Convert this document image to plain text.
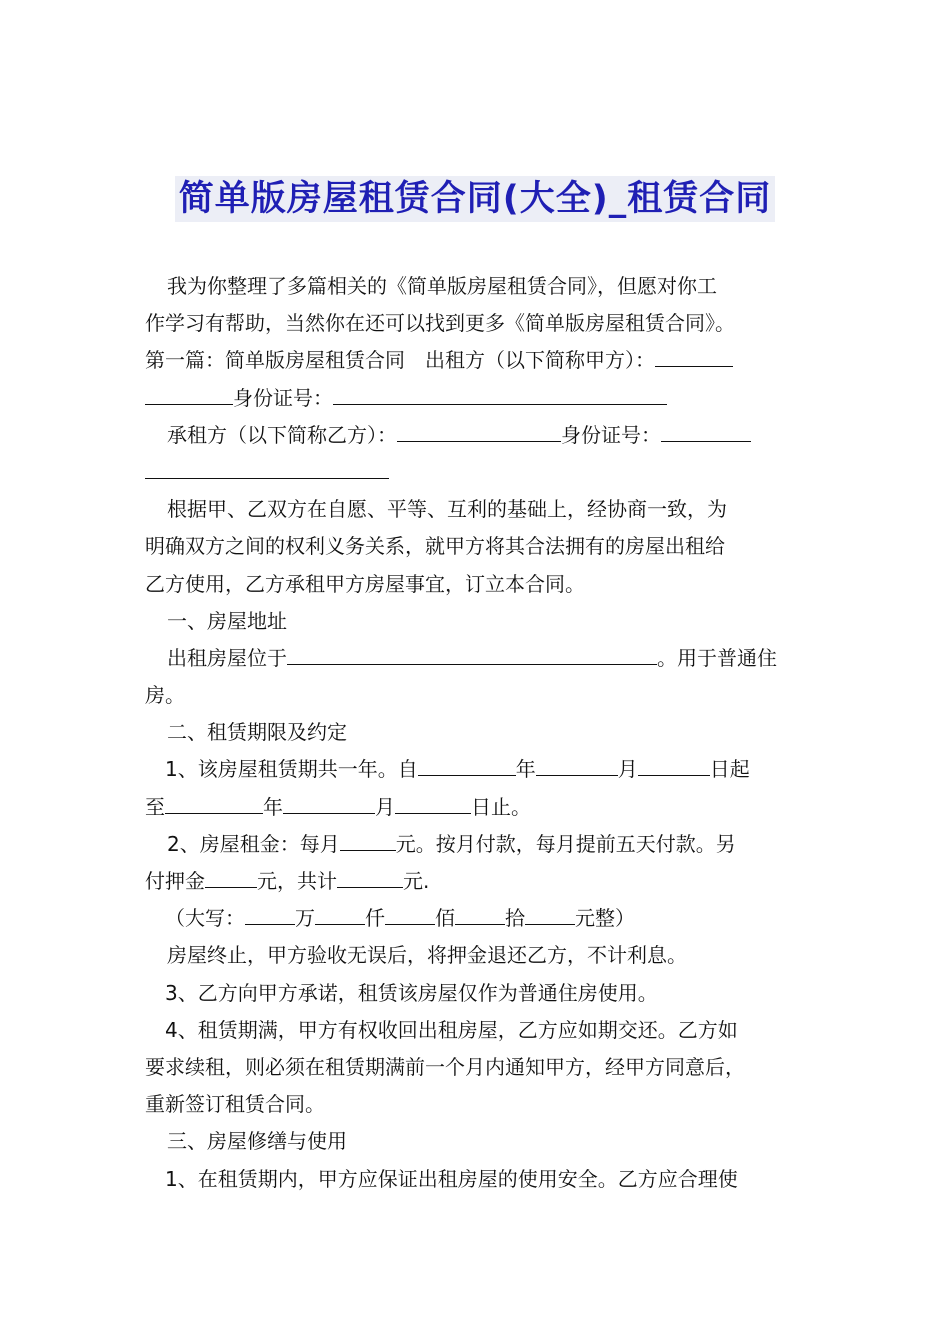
简单版房屋租赁合同(大全)_租赁合同
我为你整理了多篇相关的《简单版房屋租赁合同》，但愿对你工
作学习有帮助，当然你在还可以找到更多《简单版房屋租赁合同》。
第一篇：简单版房屋租赁合同　出租方（以下简称甲方）：
身份证号：
承租方（以下简称乙方）：	身份证号：
根据甲、乙双方在自愿、平等、互利的基础上，经协商一致，为
明确双方之间的权利义务关系，就甲方将其合法拥有的房屋出租给
乙方使用，乙方承租甲方房屋事宜，订立本合同。
一、房屋地址
出租房屋位于	。用于普通住
房。
二、租赁期限及约定
1、该房屋租赁期共一年。自	年	月	日起
至	年	月	日止。
2、房屋租金：每月	元。按月付款，每月提前五天付款。另
付押金	元，共计	元.
（大写：	万	仟	佰	拾	元整）
房屋终止，甲方验收无误后，将押金退还乙方，不计利息。
3、乙方向甲方承诺，租赁该房屋仅作为普通住房使用。
4、租赁期满，甲方有权收回出租房屋，乙方应如期交还。乙方如
要求续租，则必须在租赁期满前一个月内通知甲方，经甲方同意后，
重新签订租赁合同。
三、房屋修缮与使用
1、在租赁期内，甲方应保证出租房屋的使用安全。乙方应合理使
